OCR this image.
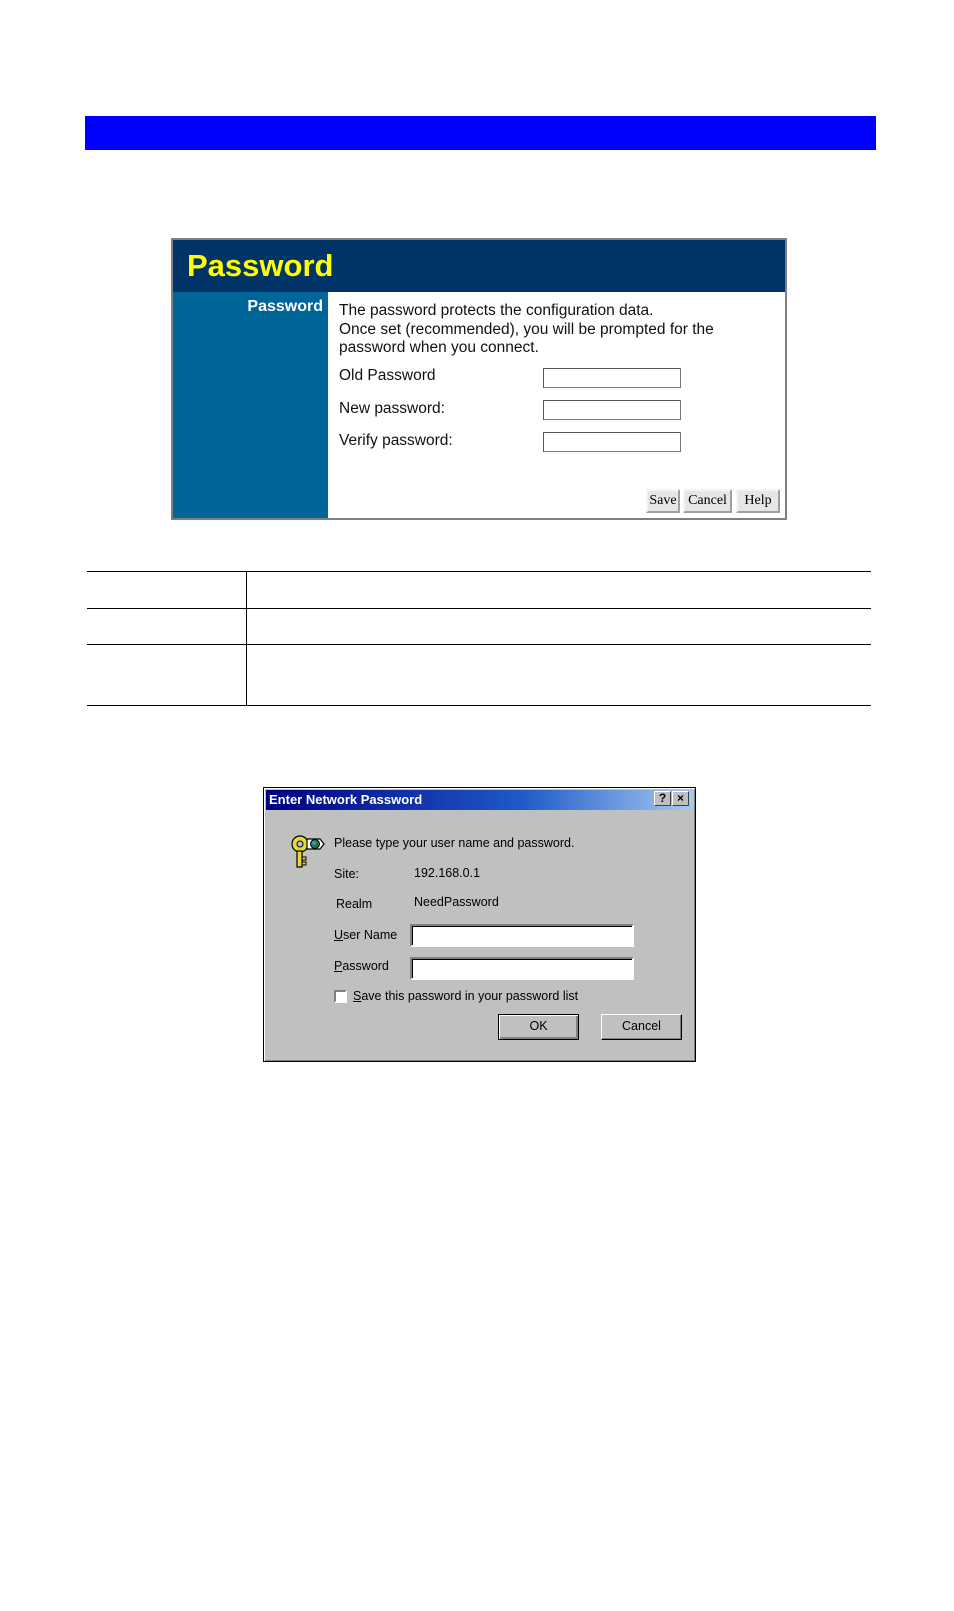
Password
Password	The password protects the configuration data.
Once set (recommended), you will be prompted for the
password when you connect.
Old Password
New password:
Verify password:
Save Cancel	Help
Enter Network Password	? ×
Please type your user name and password.
Site:	192.168.0.1
Realm	NeedPassword
User Name
Password
Save this password in your password list
OK	Cancel
